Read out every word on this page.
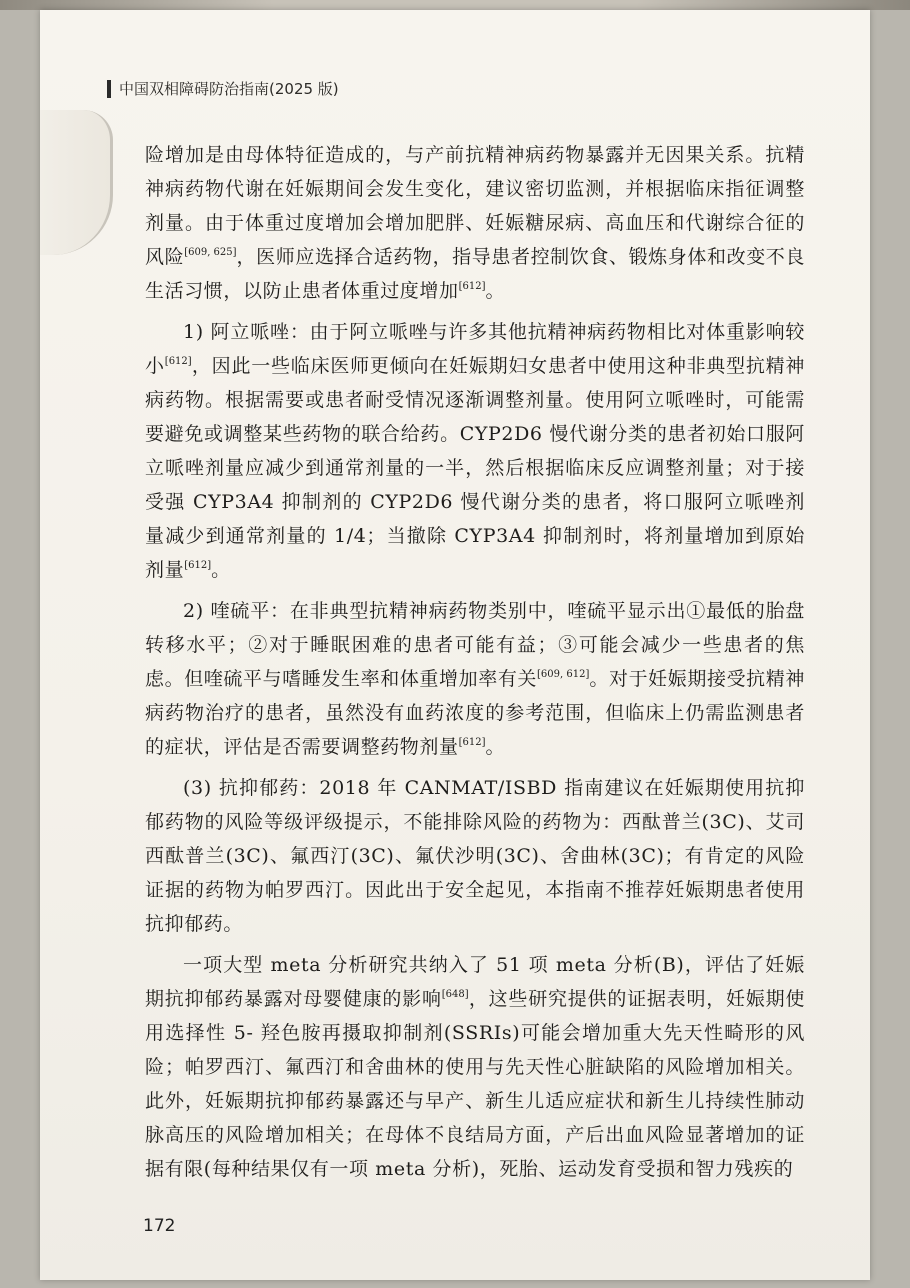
中国双相障碍防治指南(2025 版)

险增加是由母体特征造成的，与产前抗精神病药物暴露并无因果关系。抗精神病药物代谢在妊娠期间会发生变化，建议密切监测，并根据临床指征调整剂量。由于体重过度增加会增加肥胖、妊娠糖尿病、高血压和代谢综合征的风险[609, 625]，医师应选择合适药物，指导患者控制饮食、锻炼身体和改变不良生活习惯，以防止患者体重过度增加[612]。

1) 阿立哌唑：由于阿立哌唑与许多其他抗精神病药物相比对体重影响较小[612]，因此一些临床医师更倾向在妊娠期妇女患者中使用这种非典型抗精神病药物。根据需要或患者耐受情况逐渐调整剂量。使用阿立哌唑时，可能需要避免或调整某些药物的联合给药。CYP2D6 慢代谢分类的患者初始口服阿立哌唑剂量应减少到通常剂量的一半，然后根据临床反应调整剂量；对于接受强 CYP3A4 抑制剂的 CYP2D6 慢代谢分类的患者，将口服阿立哌唑剂量减少到通常剂量的 1/4；当撤除 CYP3A4 抑制剂时，将剂量增加到原始剂量[612]。

2) 喹硫平：在非典型抗精神病药物类别中，喹硫平显示出①最低的胎盘转移水平；②对于睡眠困难的患者可能有益；③可能会减少一些患者的焦虑。但喹硫平与嗜睡发生率和体重增加率有关[609, 612]。对于妊娠期接受抗精神病药物治疗的患者，虽然没有血药浓度的参考范围，但临床上仍需监测患者的症状，评估是否需要调整药物剂量[612]。

(3) 抗抑郁药：2018 年 CANMAT/ISBD 指南建议在妊娠期使用抗抑郁药物的风险等级评级提示，不能排除风险的药物为：西酞普兰(3C)、艾司西酞普兰(3C)、氟西汀(3C)、氟伏沙明(3C)、舍曲林(3C)；有肯定的风险证据的药物为帕罗西汀。因此出于安全起见，本指南不推荐妊娠期患者使用抗抑郁药。

一项大型 meta 分析研究共纳入了 51 项 meta 分析(B)，评估了妊娠期抗抑郁药暴露对母婴健康的影响[648]，这些研究提供的证据表明，妊娠期使用选择性 5- 羟色胺再摄取抑制剂(SSRIs)可能会增加重大先天性畸形的风险；帕罗西汀、氟西汀和舍曲林的使用与先天性心脏缺陷的风险增加相关。此外，妊娠期抗抑郁药暴露还与早产、新生儿适应症状和新生儿持续性肺动脉高压的风险增加相关；在母体不良结局方面，产后出血风险显著增加的证据有限(每种结果仅有一项 meta 分析)，死胎、运动发育受损和智力残疾的

172
